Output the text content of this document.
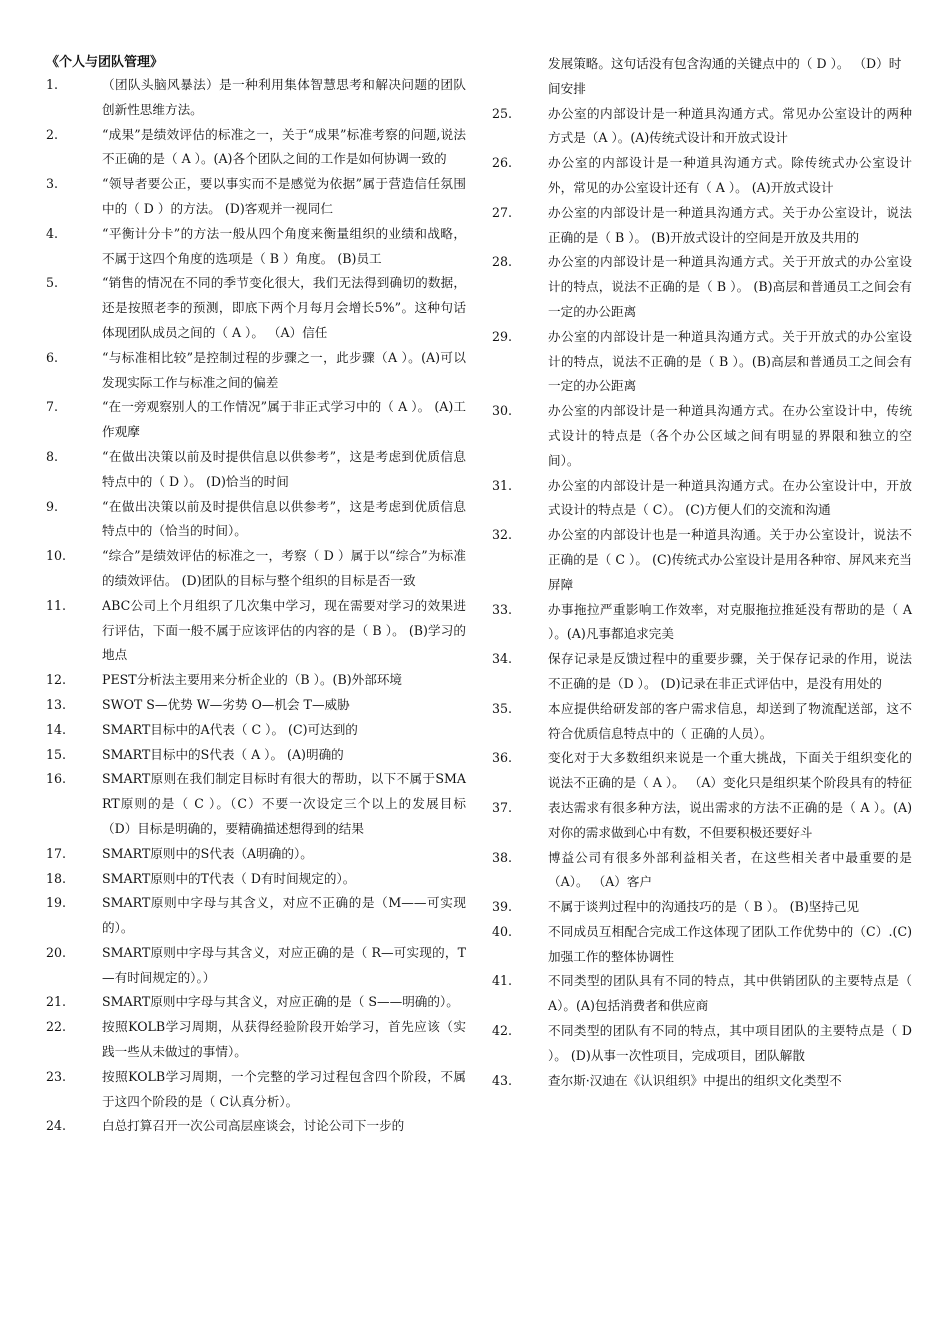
《个人与团队管理》
1.	（团队头脑风暴法）是一种利用集体智慧思考和解决问题的团队创新性思维方法。
2.	“成果”是绩效评估的标准之一，关于“成果”标准考察的问题,说法不正确的是（ A ）。(A)各个团队之间的工作是如何协调一致的
3.	“领导者要公正，要以事实而不是感觉为依据”属于营造信任氛围中的（ D ）的方法。 (D)客观并一视同仁
4.	“平衡计分卡”的方法一般从四个角度来衡量组织的业绩和战略，不属于这四个角度的选项是（ B ）角度。 (B)员工
5.	“销售的情况在不同的季节变化很大，我们无法得到确切的数据，还是按照老李的预测，即底下两个月每月会增长5%”。这种句话体现团队成员之间的（ A ）。 （A）信任
6.	“与标准相比较”是控制过程的步骤之一，此步骤（A ）。(A)可以发现实际工作与标准之间的偏差
7.	“在一旁观察别人的工作情况”属于非正式学习中的（ A ）。 (A)工作观摩
8.	“在做出决策以前及时提供信息以供参考”，这是考虑到优质信息特点中的（ D ）。 (D)恰当的时间
9.	“在做出决策以前及时提供信息以供参考”，这是考虑到优质信息特点中的（恰当的时间）。
10.	“综合”是绩效评估的标准之一，考察（ D ）属于以“综合”为标准的绩效评估。 (D)团队的目标与整个组织的目标是否一致
11.	ABC公司上个月组织了几次集中学习，现在需要对学习的效果进行评估，下面一般不属于应该评估的内容的是（ B ）。 (B)学习的地点
12.	PEST分析法主要用来分析企业的（B ）。(B)外部环境
13.	SWOT S—优势 W—劣势 O—机会 T—威胁
14.	SMART目标中的A代表（ C ）。 (C)可达到的
15.	SMART目标中的S代表（ A ）。 (A)明确的
16.	SMART原则在我们制定目标时有很大的帮助，以下不属于SMART原则的是（ C ）。（C）不要一次设定三个以上的发展目标 （D）目标是明确的，要精确描述想得到的结果
17.	SMART原则中的S代表（A明确的）。
18.	SMART原则中的T代表（ D有时间规定的）。
19.	SMART原则中字母与其含义，对应不正确的是（M——可实现的）。
20.	SMART原则中字母与其含义，对应正确的是（ R—可实现的，T—有时间规定的）。）
21.	SMART原则中字母与其含义，对应正确的是（ S——明确的）。
22.	按照KOLB学习周期，从获得经验阶段开始学习，首先应该（实践一些从未做过的事情）。
23.	按照KOLB学习周期，一个完整的学习过程包含四个阶段，不属于这四个阶段的是（ C认真分析）。
24.	白总打算召开一次公司高层座谈会，讨论公司下一步的
发展策略。这句话没有包含沟通的关键点中的（ D ）。 （D）时间安排
25.	办公室的内部设计是一种道具沟通方式。常见办公室设计的两种方式是（A ）。(A)传统式设计和开放式设计
26.	办公室的内部设计是一种道具沟通方式。除传统式办公室设计外，常见的办公室设计还有（ A ）。 (A)开放式设计
27.	办公室的内部设计是一种道具沟通方式。关于办公室设计，说法正确的是（ B ）。 (B)开放式设计的空间是开放及共用的
28.	办公室的内部设计是一种道具沟通方式。关于开放式的办公室设计的特点，说法不正确的是（ B ）。 (B)高层和普通员工之间会有一定的办公距离
29.	办公室的内部设计是一种道具沟通方式。关于开放式的办公室设计的特点，说法不正确的是（ B ）。(B)高层和普通员工之间会有一定的办公距离
30.	办公室的内部设计是一种道具沟通方式。在办公室设计中，传统式设计的特点是（各个办公区域之间有明显的界限和独立的空间）。
31.	办公室的内部设计是一种道具沟通方式。在办公室设计中，开放式设计的特点是（ C）。 (C)方便人们的交流和沟通
32.	办公室的内部设计也是一种道具沟通。关于办公室设计，说法不正确的是（ C ）。 (C)传统式办公室设计是用各种帘、屏风来充当屏障
33.	办事拖拉严重影响工作效率，对克服拖拉推延没有帮助的是（ A ）。(A)凡事都追求完美
34.	保存记录是反馈过程中的重要步骤，关于保存记录的作用，说法不正确的是（D ）。 (D)记录在非正式评估中，是没有用处的
35.	本应提供给研发部的客户需求信息，却送到了物流配送部，这不符合优质信息特点中的（ 正确的人员）。
36.	变化对于大多数组织来说是一个重大挑战，下面关于组织变化的说法不正确的是（ A ）。 （A）变化只是组织某个阶段具有的特征
37.	表达需求有很多种方法，说出需求的方法不正确的是（ A ）。(A)对你的需求做到心中有数，不但要积极还要好斗
38.	博益公司有很多外部利益相关者，在这些相关者中最重要的是（A）。 （A）客户
39.	不属于谈判过程中的沟通技巧的是（ B ）。 (B)坚持己见
40.	不同成员互相配合完成工作这体现了团队工作优势中的（C）.(C)加强工作的整体协调性
41.	不同类型的团队具有不同的特点，其中供销团队的主要特点是（ A）。(A)包括消费者和供应商
42.	不同类型的团队有不同的特点，其中项目团队的主要特点是（ D ）。 (D)从事一次性项目，完成项目，团队解散
43.	查尔斯·汉迪在《认识组织》中提出的组织文化类型不
